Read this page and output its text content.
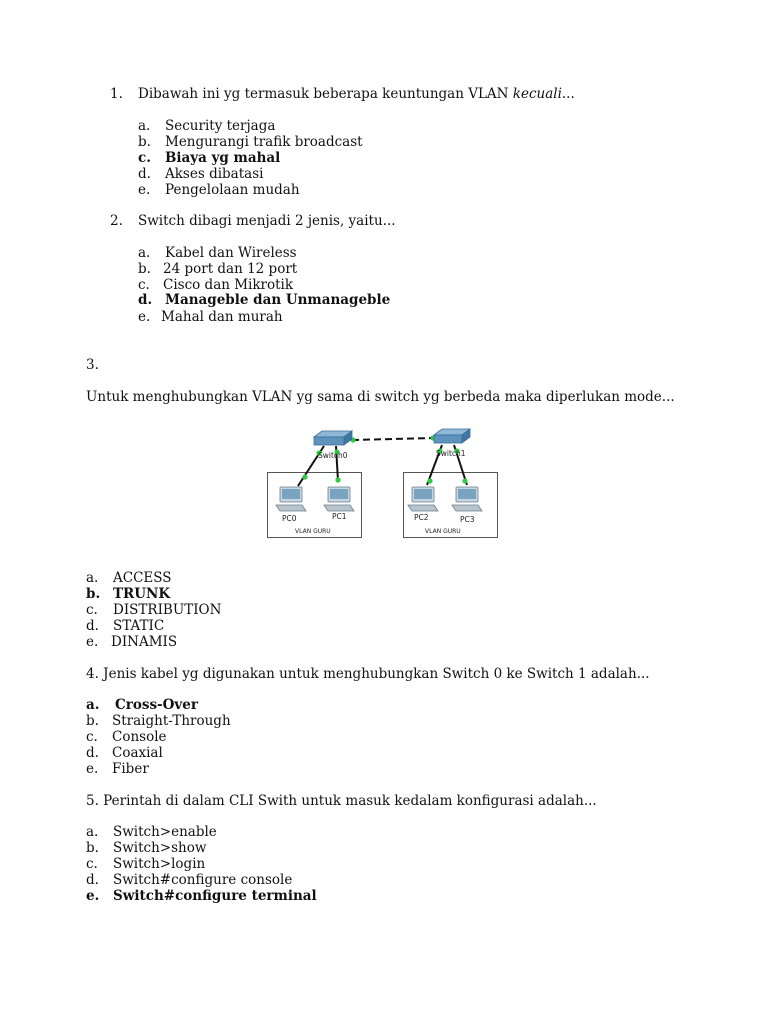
1. Dibawah ini yg termasuk beberapa keuntungan VLAN kecuali...
a. Security terjaga
b. Mengurangi trafik broadcast
c. Biaya yg mahal
d. Akses dibatasi
e. Pengelolaan mudah
2. Switch dibagi menjadi 2 jenis, yaitu...
a. Kabel dan Wireless
b. 24 port dan 12 port
c. Cisco dan Mikrotik
d. Manageble dan Unmanageble
e. Mahal dan murah
3.
Untuk menghubungkan VLAN yg sama di switch yg berbeda maka diperlukan mode...
Switch0	Switch1
PC0	PC1	PC2	PC3
VLAN GURU	VLAN GURU
a. ACCESS
b. TRUNK
c. DISTRIBUTION
d. STATIC
e. DINAMIS
4. Jenis kabel yg digunakan untuk menghubungkan Switch 0 ke Switch 1 adalah...
a. Cross-Over
b. Straight-Through
c. Console
d. Coaxial
e. Fiber
5. Perintah di dalam CLI Swith untuk masuk kedalam konfigurasi adalah...
a. Switch>enable
b. Switch>show
c. Switch>login
d. Switch#configure console
e. Switch#configure terminal
